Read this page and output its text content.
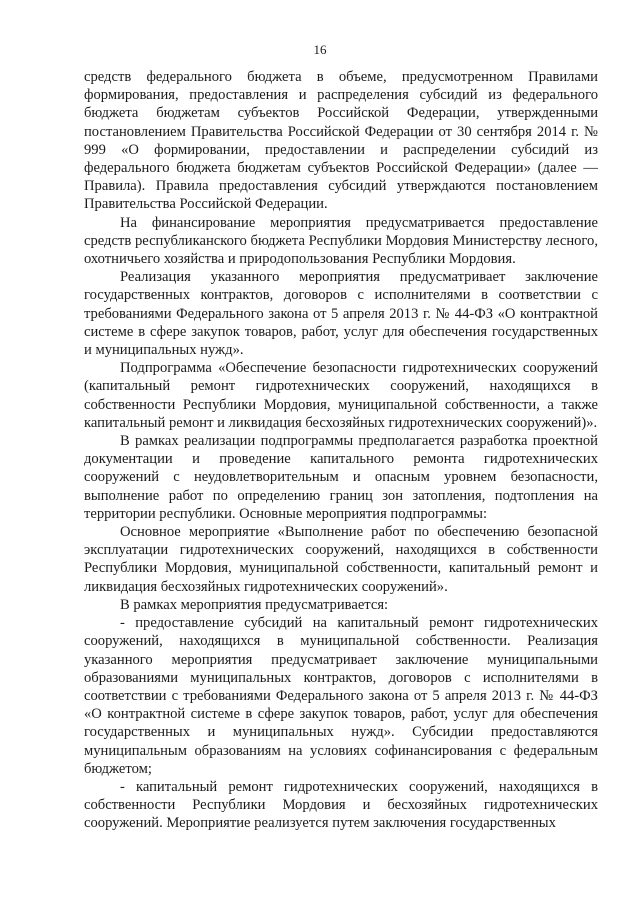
16

средств федерального бюджета в объеме, предусмотренном Правилами формирования, предоставления и распределения субсидий из федерального бюджета бюджетам субъектов Российской Федерации, утвержденными постановлением Правительства Российской Федерации от 30 сентября 2014 г. № 999 «О формировании, предоставлении и распределении субсидий из федерального бюджета бюджетам субъектов Российской Федерации» (далее — Правила). Правила предоставления субсидий утверждаются постановлением Правительства Российской Федерации.

На финансирование мероприятия предусматривается предоставление средств республиканского бюджета Республики Мордовия Министерству лесного, охотничьего хозяйства и природопользования Республики Мордовия.

Реализация указанного мероприятия предусматривает заключение государственных контрактов, договоров с исполнителями в соответствии с требованиями Федерального закона от 5 апреля 2013 г. № 44-ФЗ «О контрактной системе в сфере закупок товаров, работ, услуг для обеспечения государственных и муниципальных нужд».

Подпрограмма «Обеспечение безопасности гидротехнических сооружений (капитальный ремонт гидротехнических сооружений, находящихся в собственности Республики Мордовия, муниципальной собственности, а также капитальный ремонт и ликвидация бесхозяйных гидротехнических сооружений)».

В рамках реализации подпрограммы предполагается разработка проектной документации и проведение капитального ремонта гидротехнических сооружений с неудовлетворительным и опасным уровнем безопасности, выполнение работ по определению границ зон затопления, подтопления на территории республики. Основные мероприятия подпрограммы:

Основное мероприятие «Выполнение работ по обеспечению безопасной эксплуатации гидротехнических сооружений, находящихся в собственности Республики Мордовия, муниципальной собственности, капитальный ремонт и ликвидация бесхозяйных гидротехнических сооружений».

В рамках мероприятия предусматривается:

- предоставление субсидий на капитальный ремонт гидротехнических сооружений, находящихся в муниципальной собственности. Реализация указанного мероприятия предусматривает заключение муниципальными образованиями муниципальных контрактов, договоров с исполнителями в соответствии с требованиями Федерального закона от 5 апреля 2013 г. № 44-ФЗ «О контрактной системе в сфере закупок товаров, работ, услуг для обеспечения государственных и муниципальных нужд». Субсидии предоставляются муниципальным образованиям на условиях софинансирования с федеральным бюджетом;

- капитальный ремонт гидротехнических сооружений, находящихся в собственности Республики Мордовия и бесхозяйных гидротехнических сооружений. Мероприятие реализуется путем заключения государственных
